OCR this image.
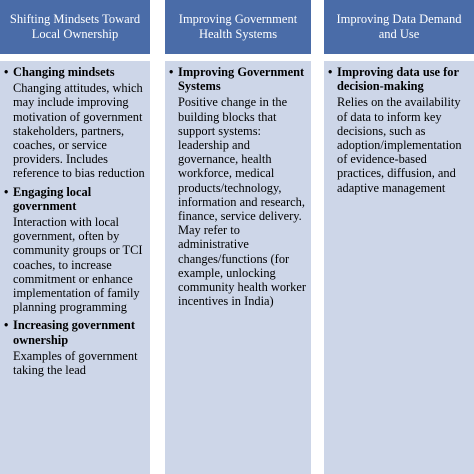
Shifting Mindsets Toward Local Ownership
• Changing mindsets
Changing attitudes, which may include improving motivation of government stakeholders, partners, coaches, or service providers. Includes reference to bias reduction
• Engaging local government
Interaction with local government, often by community groups or TCI coaches, to increase commitment or enhance implementation of family planning programming
• Increasing government ownership
Examples of government taking the lead
Improving Government Health Systems
• Improving Government Systems
Positive change in the building blocks that support systems: leadership and governance, health workforce, medical products/technology, information and research, finance, service delivery. May refer to administrative changes/functions (for example, unlocking community health worker incentives in India)
Improving Data Demand and Use
• Improving data use for decision-making
Relies on the availability of data to inform key decisions, such as adoption/implementation of evidence-based practices, diffusion, and adaptive management
